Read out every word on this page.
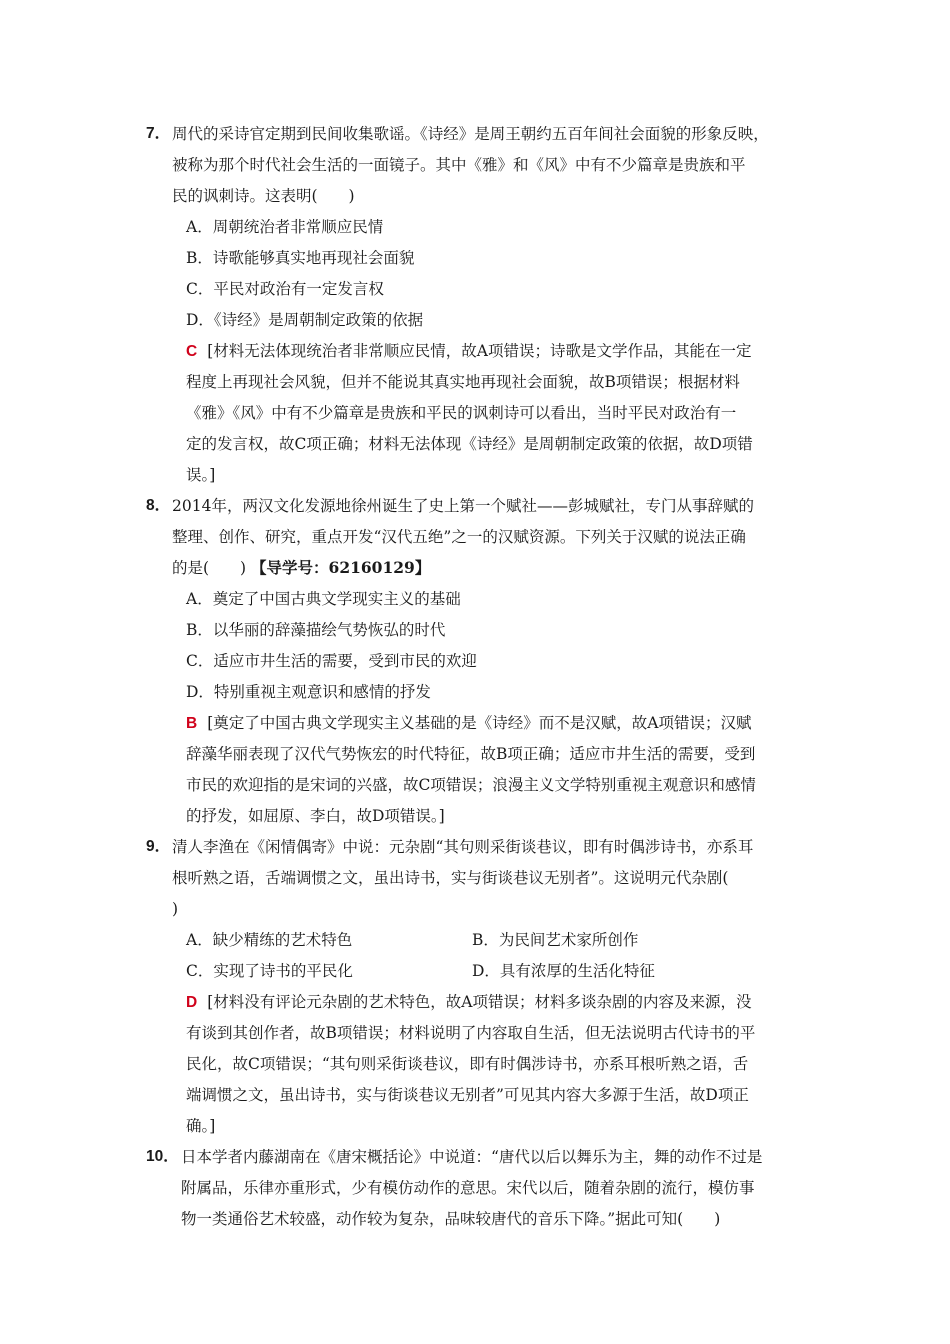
7． 周代的采诗官定期到民间收集歌谣。《诗经》是周王朝约五百年间社会面貌的形象反映，
被称为那个时代社会生活的一面镜子。其中《雅》和《风》中有不少篇章是贵族和平
民的讽刺诗。这表明(　　)
A．周朝统治者非常顺应民情
B．诗歌能够真实地再现社会面貌
C．平民对政治有一定发言权
D．《诗经》是周朝制定政策的依据
C [材料无法体现统治者非常顺应民情，故A项错误；诗歌是文学作品，其能在一定
程度上再现社会风貌，但并不能说其真实地再现社会面貌，故B项错误；根据材料
《雅》《风》中有不少篇章是贵族和平民的讽刺诗可以看出，当时平民对政治有一
定的发言权，故C项正确；材料无法体现《诗经》是周朝制定政策的依据，故D项错
误。]
8． 2014年，两汉文化发源地徐州诞生了史上第一个赋社——彭城赋社，专门从事辞赋的
整理、创作、研究，重点开发“汉代五绝”之一的汉赋资源。下列关于汉赋的说法正确
的是(　　) 【导学号：62160129】
A．奠定了中国古典文学现实主义的基础
B．以华丽的辞藻描绘气势恢弘的时代
C．适应市井生活的需要，受到市民的欢迎
D．特别重视主观意识和感情的抒发
B [奠定了中国古典文学现实主义基础的是《诗经》而不是汉赋，故A项错误；汉赋
辞藻华丽表现了汉代气势恢宏的时代特征，故B项正确；适应市井生活的需要，受到
市民的欢迎指的是宋词的兴盛，故C项错误；浪漫主义文学特别重视主观意识和感情
的抒发，如屈原、李白，故D项错误。]
9． 清人李渔在《闲情偶寄》中说：元杂剧“其句则采街谈巷议，即有时偶涉诗书，亦系耳
根听熟之语，舌端调惯之文，虽出诗书，实与街谈巷议无别者”。这说明元代杂剧(
)
A．缺少精练的艺术特色	B．为民间艺术家所创作
C．实现了诗书的平民化	D．具有浓厚的生活化特征
D [材料没有评论元杂剧的艺术特色，故A项错误；材料多谈杂剧的内容及来源，没
有谈到其创作者，故B项错误；材料说明了内容取自生活，但无法说明古代诗书的平
民化，故C项错误；“其句则采街谈巷议，即有时偶涉诗书，亦系耳根听熟之语，舌
端调惯之文，虽出诗书，实与街谈巷议无别者”可见其内容大多源于生活，故D项正
确。]
10． 日本学者内藤湖南在《唐宋概括论》中说道：“唐代以后以舞乐为主，舞的动作不过是
附属品，乐律亦重形式，少有模仿动作的意思。宋代以后，随着杂剧的流行，模仿事
物一类通俗艺术较盛，动作较为复杂，品味较唐代的音乐下降。”据此可知(　　)
